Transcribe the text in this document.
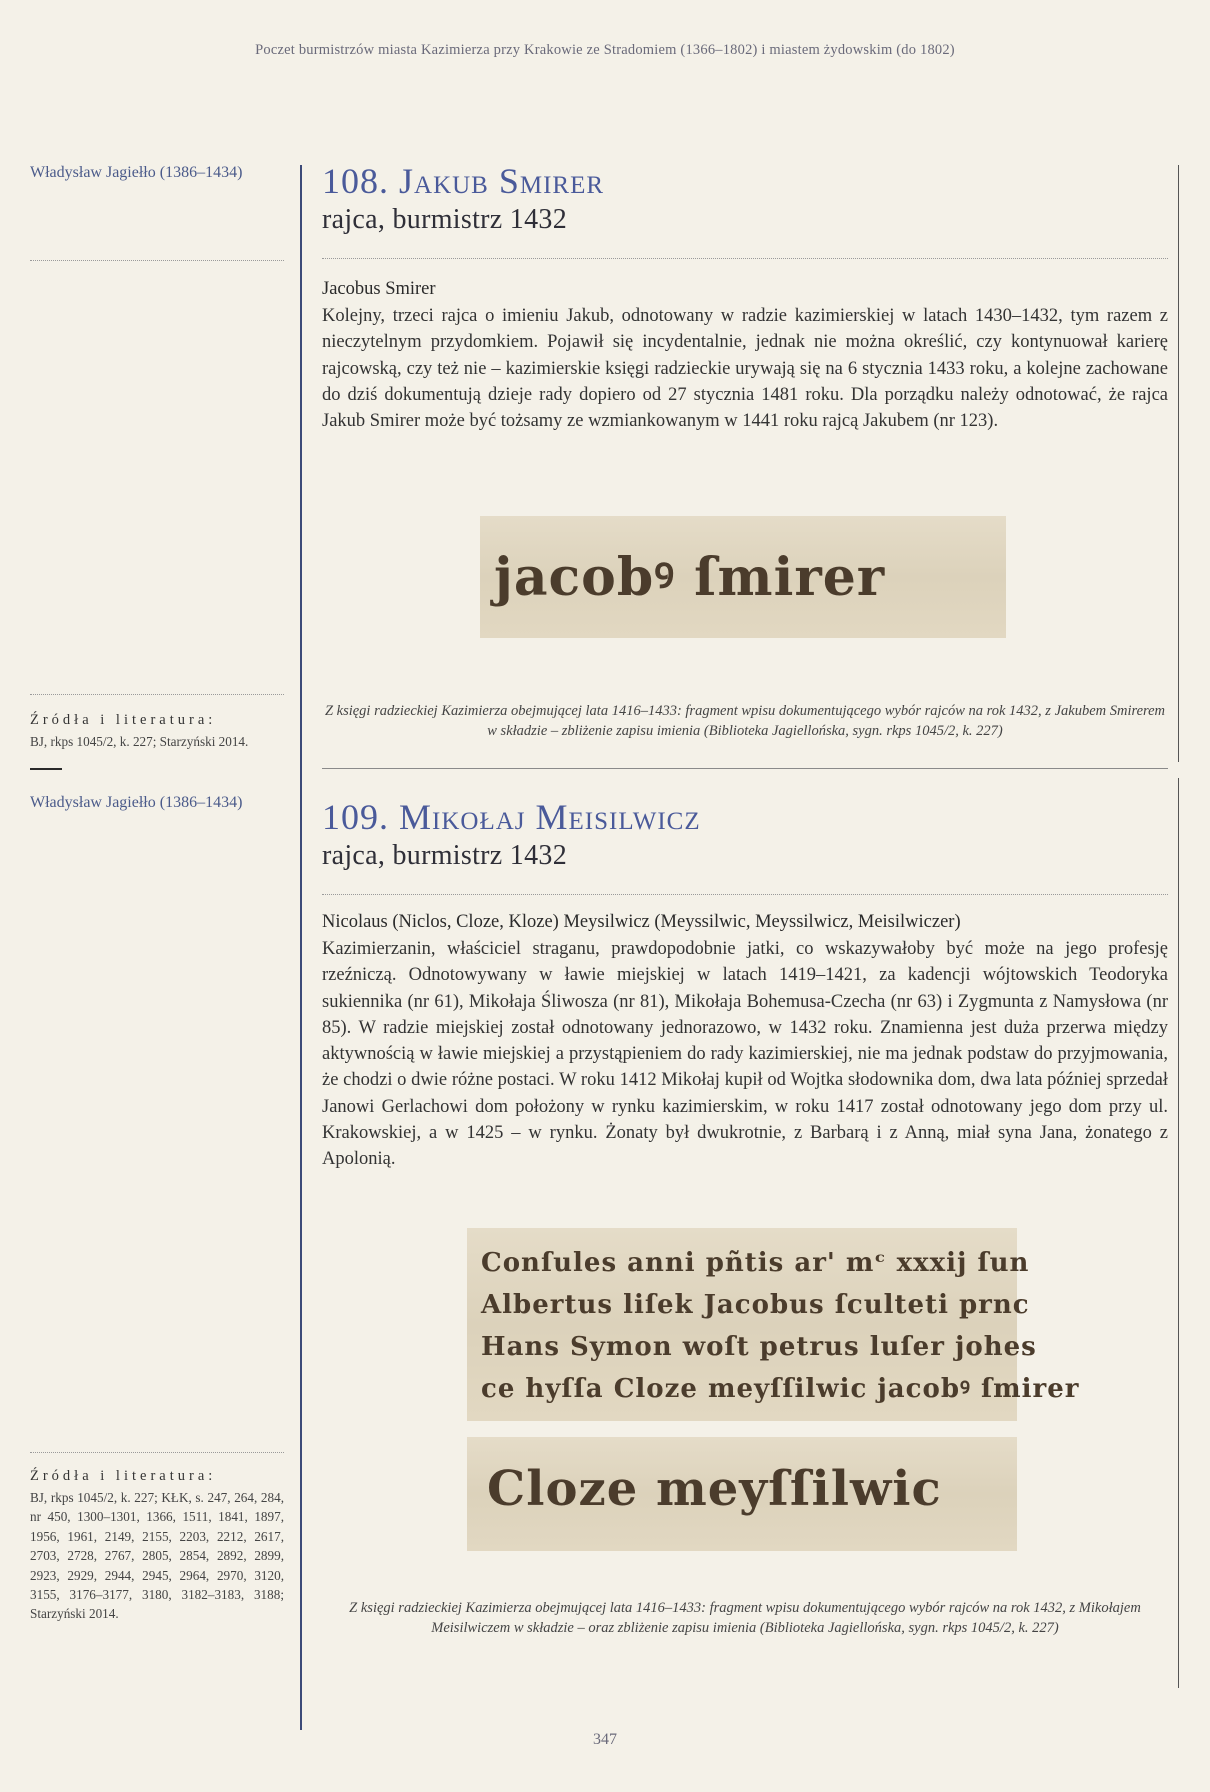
Poczet burmistrzów miasta Kazimierza przy Krakowie ze Stradomiem (1366–1802) i miastem żydowskim (do 1802)
Władysław Jagiełło (1386–1434) 108. Jakub Smirer
rajca, burmistrz 1432
Jacobus Smirer

Kolejny, trzeci rajca o imieniu Jakub, odnotowany w radzie kazimierskiej w latach 1430–1432, tym razem z nieczytelnym przydomkiem. Pojawił się incydentalnie, jednak nie można określić, czy kontynuował karierę rajcowską, czy też nie – kazimierskie księgi radzieckie urywają się na 6 stycznia 1433 roku, a kolejne zachowane do dziś dokumentują dzieje rady dopiero od 27 stycznia 1481 roku. Dla porządku należy odnotować, że rajca Jakub Smirer może być tożsamy ze wzmiankowanym w 1441 roku rajcą Jakubem (nr 123).

jacobꝰ ſmirer
Źródła i literatura:
BJ, rkps 1045/2, k. 227; Starzyński 2014.

Z księgi radzieckiej Kazimierza obejmującej lata 1416–1433: fragment wpisu dokumentującego wybór rajców na rok 1432, z Jakubem Smirerem w składzie – zbliżenie zapisu imienia (Biblioteka Jagiellońska, sygn. rkps 1045/2, k. 227)

Władysław Jagiełło (1386–1434) 109. Mikołaj Meisilwicz
rajca, burmistrz 1432
Nicolaus (Niclos, Cloze, Kloze) Meysilwicz (Meyssilwic, Meyssilwicz, Meisilwiczer)

Kazimierzanin, właściciel straganu, prawdopodobnie jatki, co wskazywałoby być może na jego profesję rzeźniczą. Odnotowywany w ławie miejskiej w latach 1419–1421, za kadencji wójtowskich Teodoryka sukiennika (nr 61), Mikołaja Śliwosza (nr 81), Mikołaja Bohemusa-Czecha (nr 63) i Zygmunta z Namysłowa (nr 85). W radzie miejskiej został odnotowany jednorazowo, w 1432 roku. Znamienna jest duża przerwa między aktywnością w ławie miejskiej a przystąpieniem do rady kazimierskiej, nie ma jednak podstaw do przyjmowania, że chodzi o dwie różne postaci. W roku 1412 Mikołaj kupił od Wojtka słodownika dom, dwa lata później sprzedał Janowi Gerlachowi dom położony w rynku kazimierskim, w roku 1417 został odnotowany jego dom przy ul. Krakowskiej, a w 1425 – w rynku. Żonaty był dwukrotnie, z Barbarą i z Anną, miał syna Jana, żonatego z Apolonią.

Conſules anni pñtis ar' mᶜ xxxij ſun
Albertus liſek Jacobus ſculteti prnc
Hans Symon woſt petrus luſer johes
ce hyſſa Cloze meyſſilwic jacobꝰ ſmirer
Cloze meyſſilwic
Źródła i literatura:
BJ, rkps 1045/2, k. 227; KŁK, s. 247, 264, 284, nr 450, 1300–1301, 1366, 1511, 1841, 1897, 1956, 1961, 2149, 2155, 2203, 2212, 2617, 2703, 2728, 2767, 2805, 2854, 2892, 2899, 2923, 2929, 2944, 2945, 2964, 2970, 3120, 3155, 3176–3177, 3180, 3182–3183, 3188; Starzyński 2014.	Z księgi radzieckiej Kazimierza obejmującej lata 1416–1433: fragment wpisu dokumentującego wybór rajców na rok 1432, z Mikołajem Meisilwiczem w składzie – oraz zbliżenie zapisu imienia (Biblioteka Jagiellońska, sygn. rkps 1045/2, k. 227)

347
